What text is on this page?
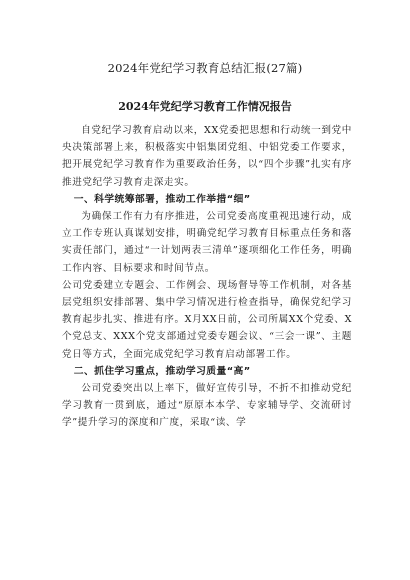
2024年党纪学习教育总结汇报(27篇)
2024年党纪学习教育工作情况报告

自党纪学习教育启动以来，XX党委把思想和行动统一到党中央决策部署上来，积极落实中铝集团党组、中铝党委工作要求，把开展党纪学习教育作为重要政治任务，以“四个步骤”扎实有序推进党纪学习教育走深走实。

一、科学统筹部署，推动工作举措“细”

为确保工作有力有序推进，公司党委高度重视迅速行动，成立工作专班认真谋划安排，明确党纪学习教育目标重点任务和落实责任部门，通过“一计划两表三清单”逐项细化工作任务，明确工作内容、目标要求和时间节点。

公司党委建立专题会、工作例会、现场督导等工作机制，对各基层党组织安排部署、集中学习情况进行检查指导，确保党纪学习教育起步扎实、推进有序。X月XX日前，公司所属XX个党委、X个党总支、XXX个党支部通过党委专题会议、“三会一课”、主题党日等方式，全面完成党纪学习教育启动部署工作。

二、抓住学习重点，推动学习质量“高”

公司党委突出以上率下，做好宣传引导，不折不扣推动党纪学习教育一贯到底，通过“原原本本学、专家辅导学、交流研讨学”提升学习的深度和广度，采取“读、学
